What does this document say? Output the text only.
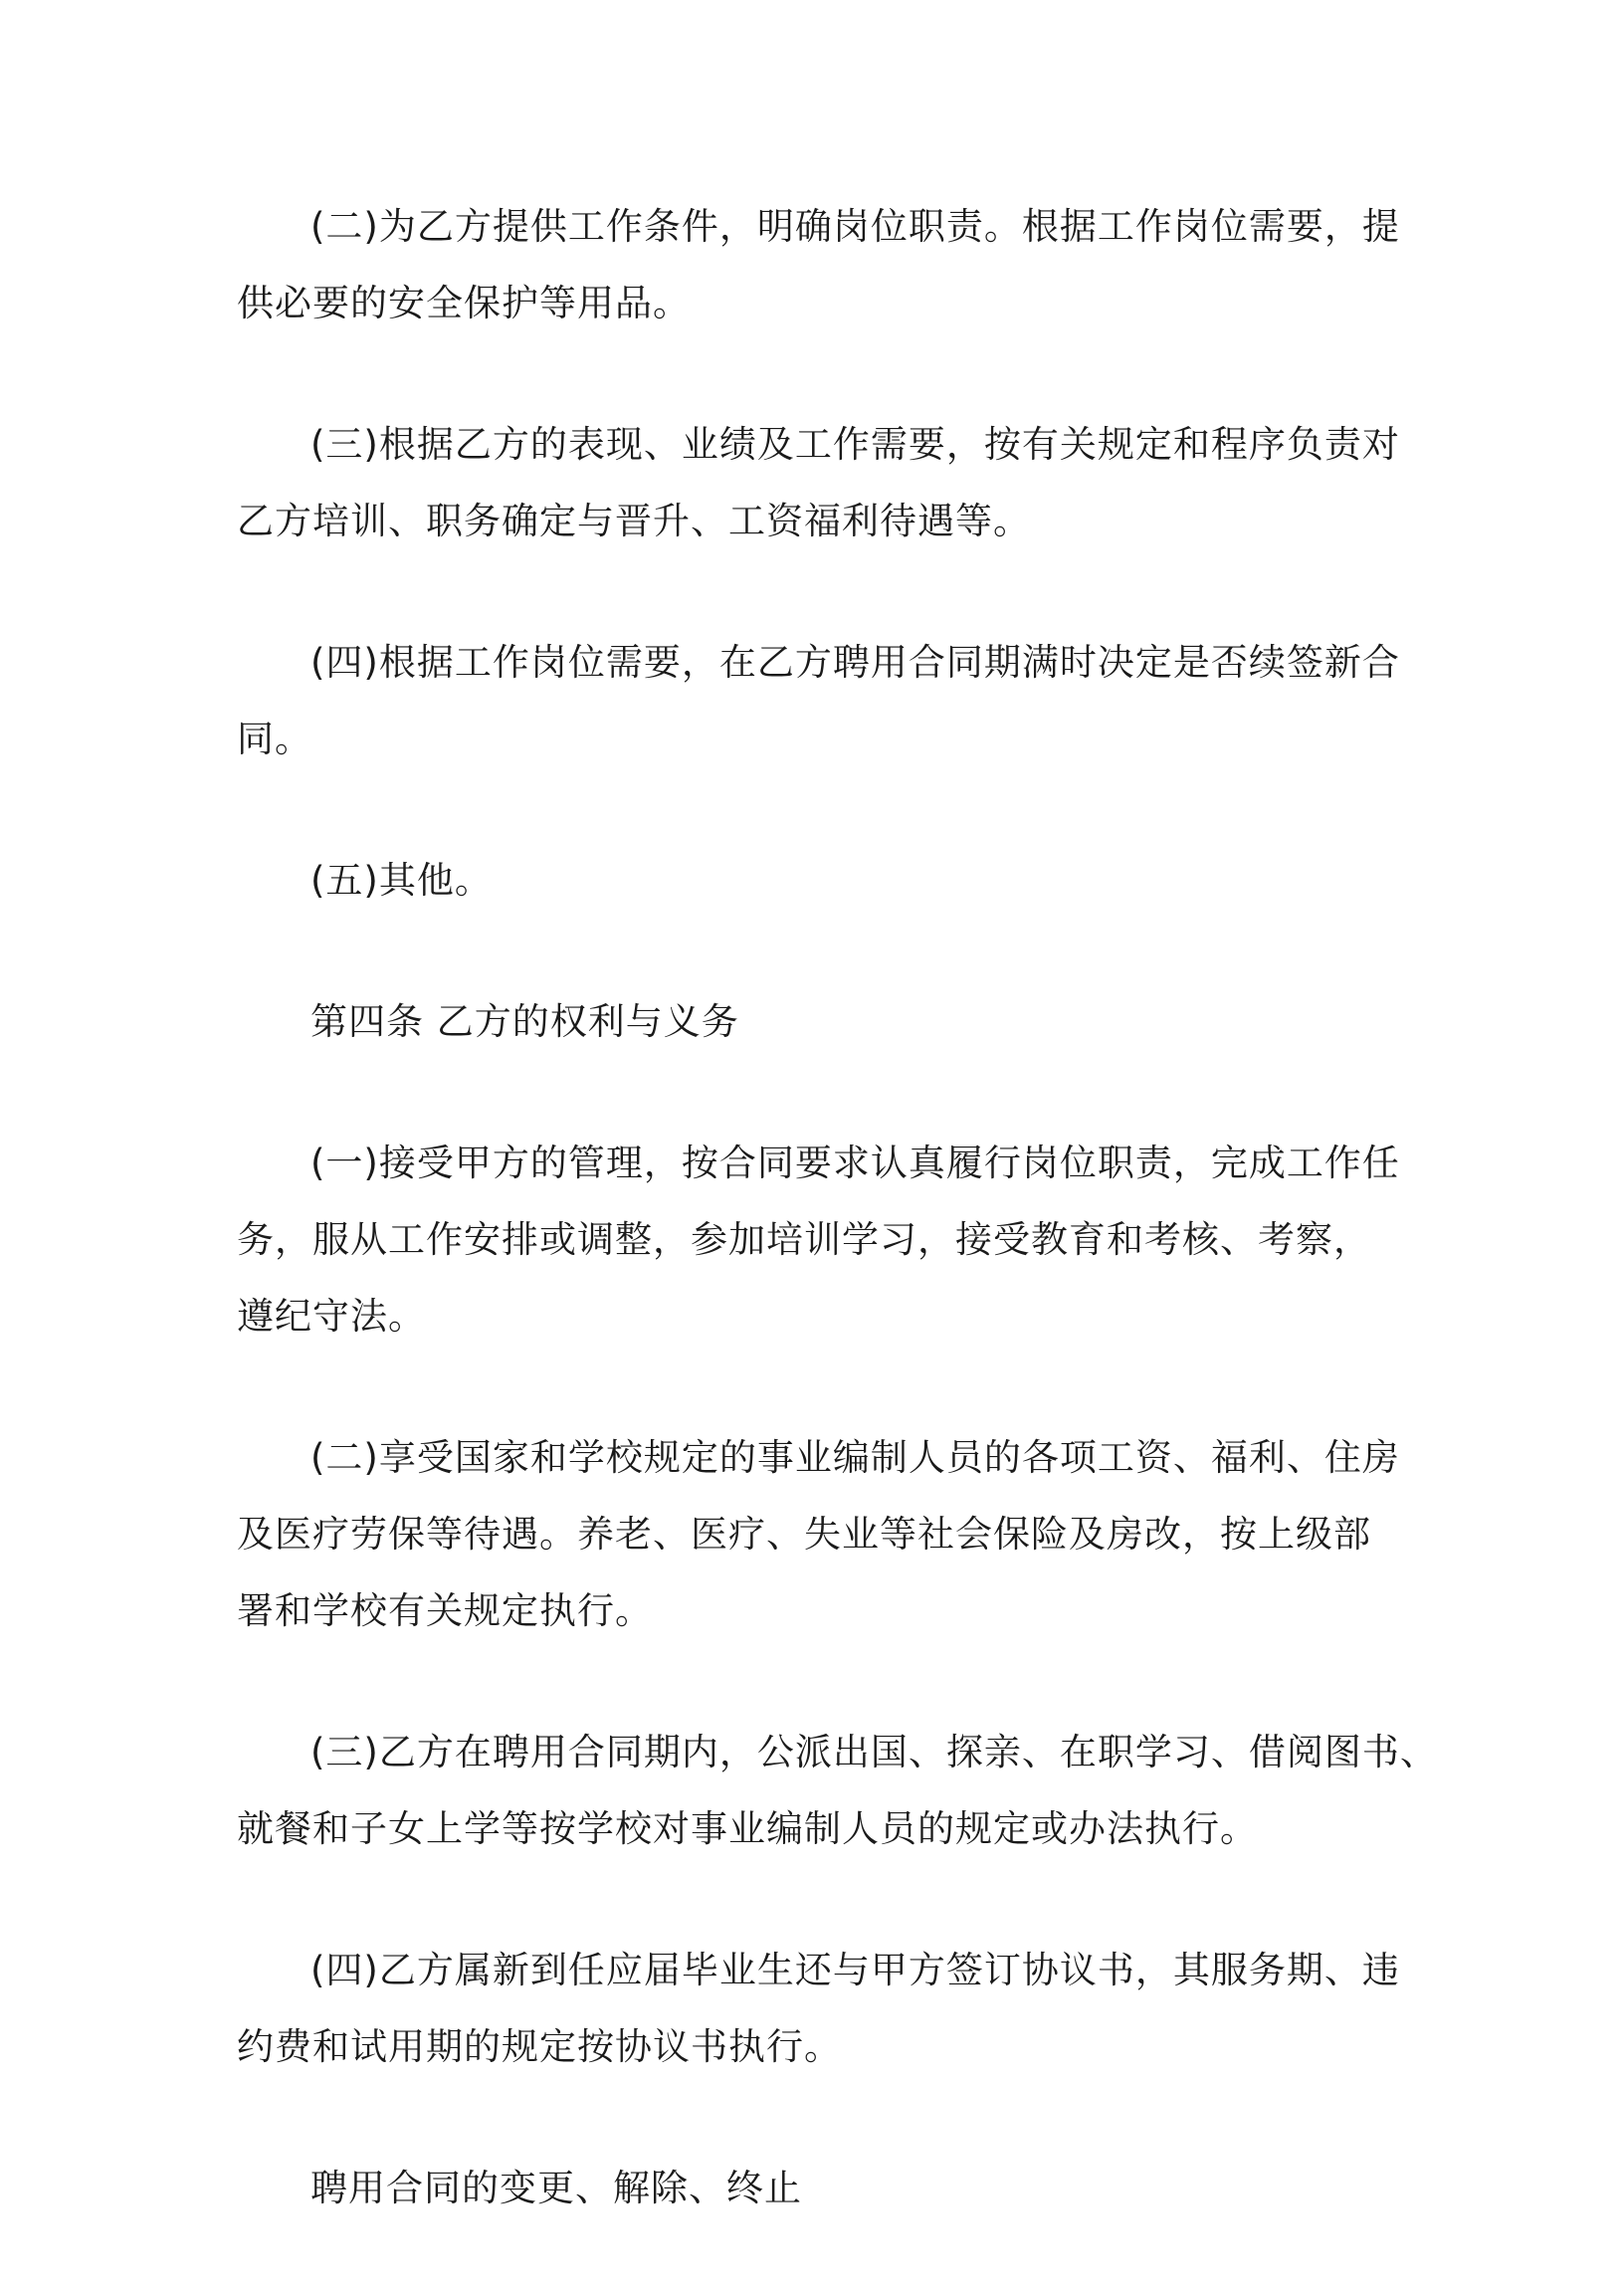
(二)为乙方提供工作条件，明确岗位职责。根据工作岗位需要，提
供必要的安全保护等用品。

(三)根据乙方的表现、业绩及工作需要，按有关规定和程序负责对
乙方培训、职务确定与晋升、工资福利待遇等。

(四)根据工作岗位需要，在乙方聘用合同期满时决定是否续签新合
同。

(五)其他。

第四条 乙方的权利与义务

(一)接受甲方的管理，按合同要求认真履行岗位职责，完成工作任
务，服从工作安排或调整，参加培训学习，接受教育和考核、考察，
遵纪守法。

(二)享受国家和学校规定的事业编制人员的各项工资、福利、住房
及医疗劳保等待遇。养老、医疗、失业等社会保险及房改，按上级部
署和学校有关规定执行。

(三)乙方在聘用合同期内，公派出国、探亲、在职学习、借阅图书、
就餐和子女上学等按学校对事业编制人员的规定或办法执行。

(四)乙方属新到任应届毕业生还与甲方签订协议书，其服务期、违
约费和试用期的规定按协议书执行。

聘用合同的变更、解除、终止
